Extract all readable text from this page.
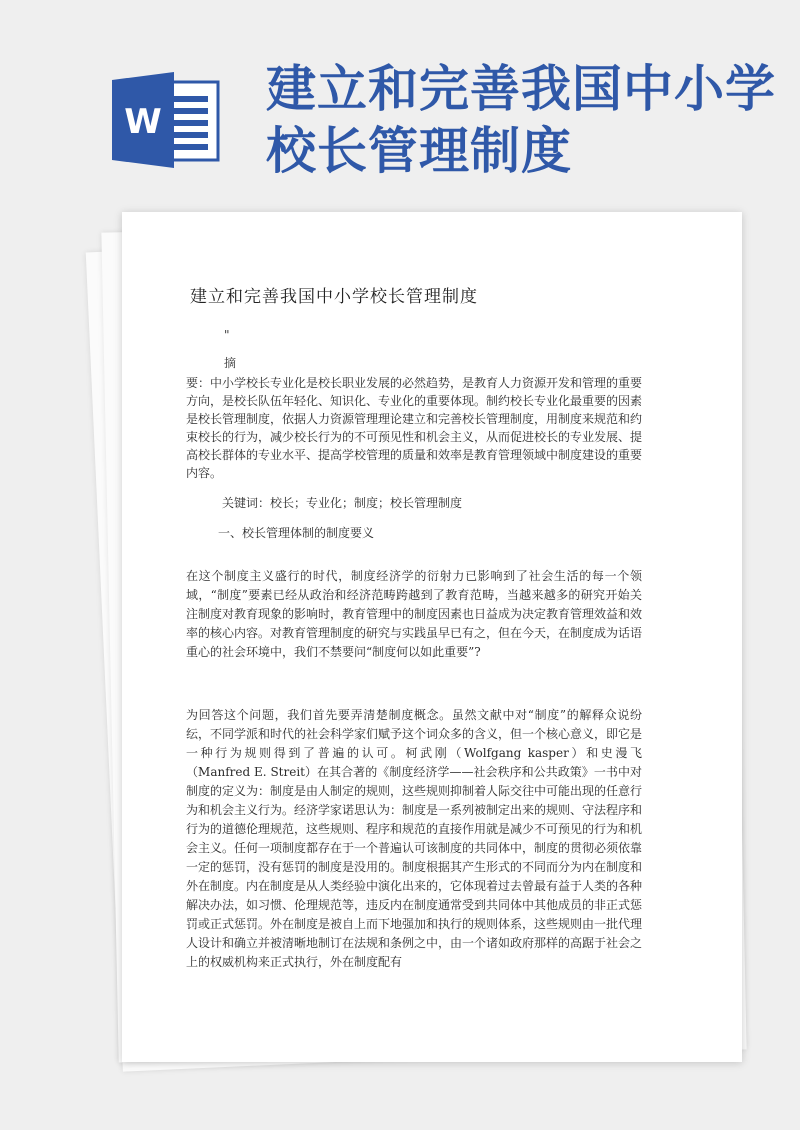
W
建立和完善我国中小学校长管理制度
建立和完善我国中小学校长管理制度
"
摘

要：中小学校长专业化是校长职业发展的必然趋势，是教育人力资源开发和管理的重要方向，是校长队伍年轻化、知识化、专业化的重要体现。制约校长专业化最重要的因素是校长管理制度，依据人力资源管理理论建立和完善校长管理制度，用制度来规范和约束校长的行为，减少校长行为的不可预见性和机会主义，从而促进校长的专业发展、提高校长群体的专业水平、提高学校管理的质量和效率是教育管理领域中制度建设的重要内容。

关键词：校长；专业化；制度；校长管理制度

一、校长管理体制的制度要义

在这个制度主义盛行的时代，制度经济学的衍射力已影响到了社会生活的每一个领域，“制度”要素已经从政治和经济范畴跨越到了教育范畴，当越来越多的研究开始关注制度对教育现象的影响时，教育管理中的制度因素也日益成为决定教育管理效益和效率的核心内容。对教育管理制度的研究与实践虽早已有之，但在今天，在制度成为话语重心的社会环境中，我们不禁要问“制度何以如此重要”?

为回答这个问题，我们首先要弄清楚制度概念。虽然文献中对“制度”的解释众说纷纭，不同学派和时代的社会科学家们赋予这个词众多的含义，但一个核心意义，即它是一种行为规则得到了普遍的认可。柯武刚（Wolfgang kasper）和史漫飞 （Manfred E. Streit）在其合著的《制度经济学——社会秩序和公共政策》一书中对制度的定义为：制度是由人制定的规则，这些规则抑制着人际交往中可能出现的任意行为和机会主义行为。经济学家诺思认为：制度是一系列被制定出来的规则、守法程序和行为的道德伦理规范，这些规则、程序和规范的直接作用就是减少不可预见的行为和机会主义。任何一项制度都存在于一个普遍认可该制度的共同体中，制度的贯彻必须依靠一定的惩罚，没有惩罚的制度是没用的。制度根据其产生形式的不同而分为内在制度和外在制度。内在制度是从人类经验中演化出来的，它体现着过去曾最有益于人类的各种解决办法，如习惯、伦理规范等，违反内在制度通常受到共同体中其他成员的非正式惩罚或正式惩罚。外在制度是被自上而下地强加和执行的规则体系，这些规则由一批代理人设计和确立并被清晰地制订在法规和条例之中，由一个诸如政府那样的高踞于社会之上的权威机构来正式执行，外在制度配有
